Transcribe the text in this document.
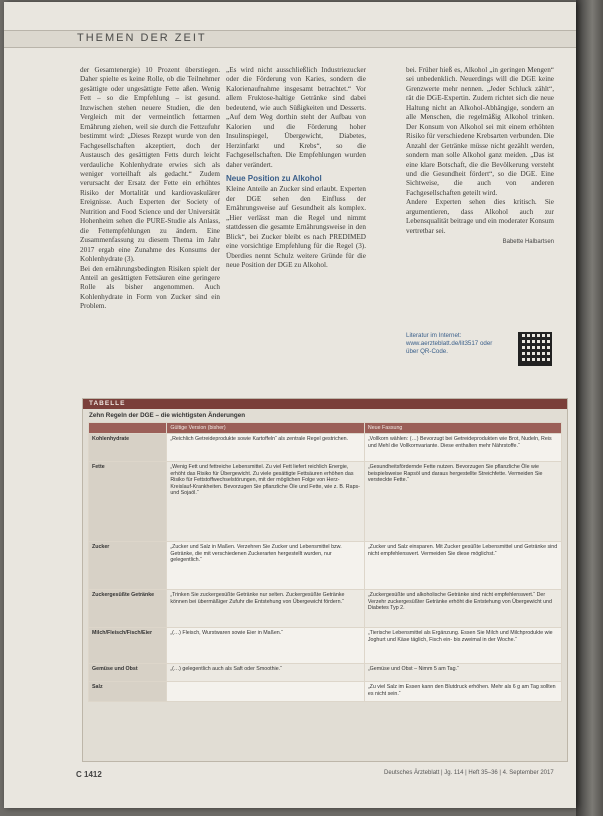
THEMEN DER ZEIT

der Gesamtenergie) 10 Prozent überstiegen. Daher spielte es keine Rolle, ob die Teilnehmer gesättigte oder ungesättigte Fette aßen. Wenig Fett – so die Empfehlung – ist gesund. Inzwischen stehen neuere Studien, die den Vergleich mit der vermeintlich fettarmen Ernährung ziehen, weil sie durch die Fettzufuhr bestimmt wird: „Dieses Rezept wurde von den Fachgesellschaften akzeptiert, doch der Austausch des gesättigten Fetts durch leicht verdauliche Kohlenhydrate erwies sich als weniger vorteilhaft als gedacht.“ Zudem verursacht der Ersatz der Fette ein erhöhtes Risiko der Mortalität und kardiovaskulärer Ereignisse. Auch Experten der Society of Nutrition and Food Science und der Universität Hohenheim sehen die PURE-Studie als Anlass, die Fettempfehlungen zu ändern. Eine Zusammenfassung zu diesem Thema im Jahr 2017 ergab eine Zunahme des Konsums der Kohlenhydrate (3).

Bei den ernährungsbedingten Risiken spielt der Anteil an gesättigten Fettsäuren eine geringere Rolle als bisher angenommen. Auch Kohlenhydrate in Form von Zucker sind ein Problem.

„Es wird nicht ausschließlich Industriezucker oder die Förderung von Karies, sondern die Kalorienaufnahme insgesamt betrachtet.“ Vor allem Fruktose-haltige Getränke sind dabei bedeutend, wie auch Süßigkeiten und Desserts. „Auf dem Weg dorthin steht der Aufbau von Kalorien und die Förderung hoher Insulinspiegel, Übergewicht, Diabetes, Herzinfarkt und Krebs“, so die Fachgesellschaften. Die Empfehlungen wurden daher verändert.

Neue Position zu Alkohol

Kleine Anteile an Zucker sind erlaubt. Experten der DGE sehen den Einfluss der Ernährungsweise auf Gesundheit als komplex. „Hier verlässt man die Regel und nimmt stattdessen die gesamte Ernährungsweise in den Blick“, bei Zucker bleibt es nach PREDIMED eine vorsichtige Empfehlung für die Regel (3). Überdies nennt Schulz weitere Gründe für die neue Position der DGE zu Alkohol.

bei. Früher hieß es, Alkohol „in geringen Mengen“ sei unbedenklich. Neuerdings will die DGE keine Grenzwerte mehr nennen. „Jeder Schluck zählt“, rät die DGE-Expertin. Zudem richtet sich die neue Haltung nicht an Alkohol-Abhängige, sondern an alle Menschen, die regelmäßig Alkohol trinken. Der Konsum von Alkohol sei mit einem erhöhten Risiko für verschiedene Krebsarten verbunden. Die Anzahl der Getränke müsse nicht gezählt werden, sondern man solle Alkohol ganz meiden. „Das ist eine klare Botschaft, die die Bevölkerung versteht und die Gesundheit fördert“, so die DGE. Eine Sichtweise, die auch von anderen Fachgesellschaften geteilt wird.

Andere Experten sehen dies kritisch. Sie argumentieren, dass Alkohol auch zur Lebensqualität beitrage und ein moderater Konsum vertretbar sei.

Babette Halbartsen
Literatur im Internet: www.aerzteblatt.de/lit3517 oder über QR-Code.
TABELLE
Zehn Regeln der DGE – die wichtigsten Änderungen
	Gültige Version (bisher)	Neue Fassung
Kohlenhydrate	„Reichlich Getreideprodukte sowie Kartoffeln“ als zentrale Regel gestrichen.	„Vollkorn wählen: (…) Bevorzugt bei Getreideprodukten wie Brot, Nudeln, Reis und Mehl die Vollkornvariante. Diese enthalten mehr Nährstoffe.“
Fette	„Wenig Fett und fettreiche Lebensmittel. Zu viel Fett liefert reichlich Energie, erhöht das Risiko für Übergewicht. Zu viele gesättigte Fettsäuren erhöhen das Risiko für Fettstoffwechselstörungen, mit der möglichen Folge von Herz-Kreislauf-Krankheiten. Bevorzugen Sie pflanzliche Öle und Fette, wie z. B. Raps- und Sojaöl.“	„Gesundheitsfördernde Fette nutzen. Bevorzugen Sie pflanzliche Öle wie beispielsweise Rapsöl und daraus hergestellte Streichfette. Vermeiden Sie versteckte Fette.“
Zucker	„Zucker und Salz in Maßen. Verzehren Sie Zucker und Lebensmittel bzw. Getränke, die mit verschiedenen Zuckerarten hergestellt wurden, nur gelegentlich.“	„Zucker und Salz einsparen. Mit Zucker gesüßte Lebensmittel und Getränke sind nicht empfehlenswert. Vermeiden Sie diese möglichst.“
Zuckergesüßte Getränke	„Trinken Sie zuckergesüßte Getränke nur selten. Zuckergesüßte Getränke können bei übermäßiger Zufuhr die Entstehung von Übergewicht fördern.“	„Zuckergesüßte und alkoholische Getränke sind nicht empfehlenswert.“ Der Verzehr zuckergesüßter Getränke erhöht die Entstehung von Übergewicht und Diabetes Typ 2.
Milch/Fleisch/Fisch/Eier	„(…) Fleisch, Wurstwaren sowie Eier in Maßen.“	„Tierische Lebensmittel als Ergänzung. Essen Sie Milch und Milchprodukte wie Joghurt und Käse täglich, Fisch ein- bis zweimal in der Woche.“
Gemüse und Obst	„(…) gelegentlich auch als Saft oder Smoothie.“	„Gemüse und Obst – Nimm 5 am Tag.“
Salz		„Zu viel Salz im Essen kann den Blutdruck erhöhen. Mehr als 6 g am Tag sollten es nicht sein.“
C 1412	Deutsches Ärzteblatt | Jg. 114 | Heft 35–36 | 4. September 2017
